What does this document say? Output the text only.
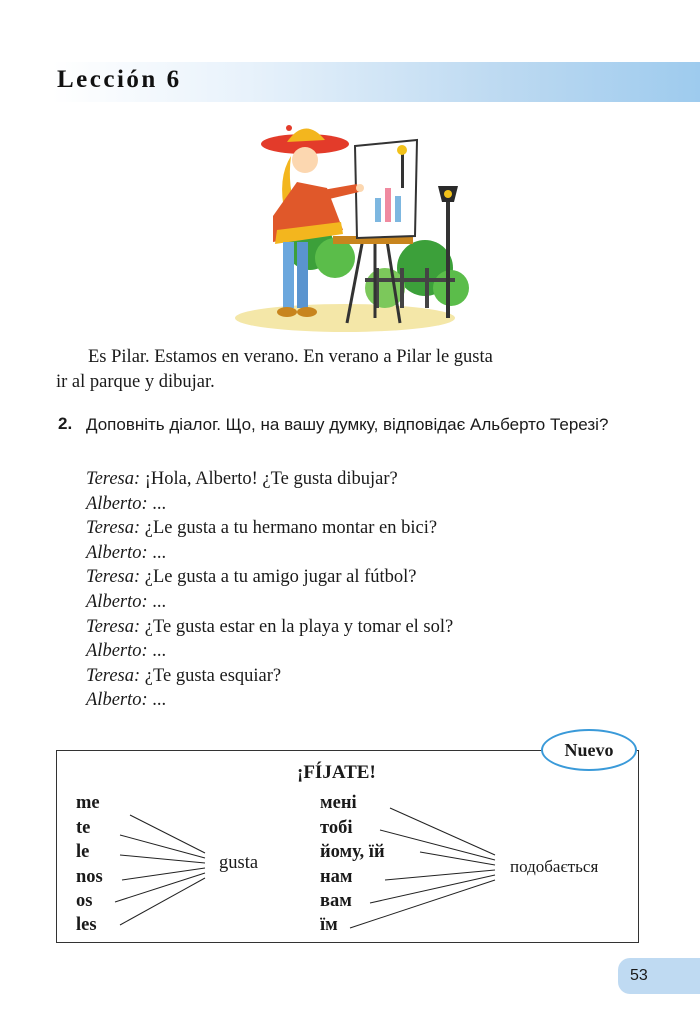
Lección 6
Es Pilar. Estamos en verano. En verano a Pilar le gusta
ir al parque y dibujar.
2. Доповніть діалог. Що, на вашу думку, відповідає Альберто Терезі?
Teresa: ¡Hola, Alberto! ¿Te gusta dibujar?
Alberto: ...
Teresa: ¿Le gusta a tu hermano montar en bici?
Alberto: ...
Teresa: ¿Le gusta a tu amigo jugar al fútbol?
Alberto: ...
Teresa: ¿Te gusta estar en la playa y tomar el sol?
Alberto: ...
Teresa: ¿Te gusta esquiar?
Alberto: ...
Nuevo
¡FÍJATE!
me
te
le
nos
os
les
gusta
мені
тобі
йому, їй
нам
вам
їм
подобається
53
